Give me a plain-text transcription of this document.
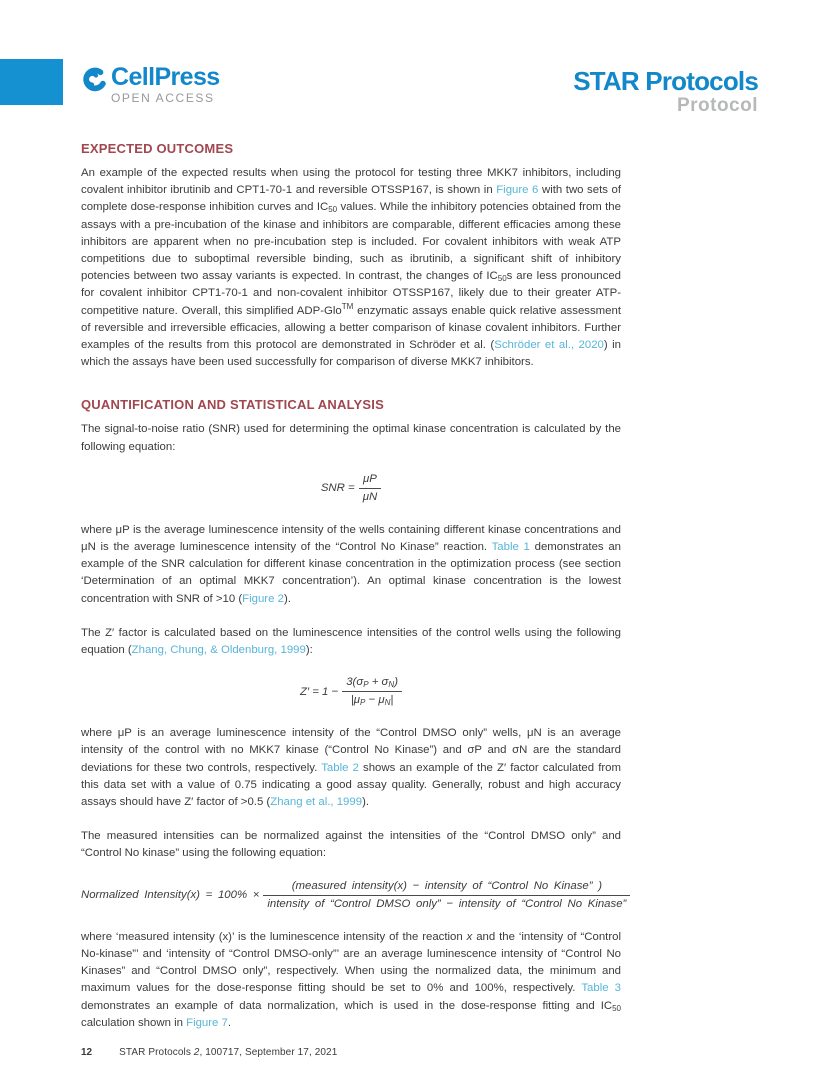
CellPress
OPEN ACCESS
STAR Protocols
Protocol
EXPECTED OUTCOMES

An example of the expected results when using the protocol for testing three MKK7 inhibitors, including covalent inhibitor ibrutinib and CPT1-70-1 and reversible OTSSP167, is shown in Figure 6 with two sets of complete dose-response inhibition curves and $IC_{50}$ values. While the inhibitory potencies obtained from the assays with a pre-incubation of the kinase and inhibitors are comparable, different efficacies among these inhibitors are apparent when no pre-incubation step is included. For covalent inhibitors with weak ATP competitions due to suboptimal reversible binding, such as ibrutinib, a significant shift of inhibitory potencies between two assay variants is expected. In contrast, the changes of $IC_{50}s$ are less pronounced for covalent inhibitor CPT1-70-1 and non-covalent inhibitor OTSSP167, likely due to their greater ATP-competitive nature. Overall, this simplified ADP-Glo™ enzymatic assays enable quick relative assessment of reversible and irreversible efficacies, allowing a better comparison of kinase covalent inhibitors. Further examples of the results from this protocol are demonstrated in Schröder et al. (Schröder et al., 2020) in which the assays have been used successfully for comparison of diverse MKK7 inhibitors.

QUANTIFICATION AND STATISTICAL ANALYSIS

The signal-to-noise ratio (SNR) used for determining the optimal kinase concentration is calculated by the following equation:

SNR = $\frac{\mu P}{\mu N}$

where μP is the average luminescence intensity of the wells containing different kinase concentrations and μN is the average luminescence intensity of the “Control No Kinase” reaction. Table 1 demonstrates an example of the SNR calculation for different kinase concentration in the optimization process (see section ‘Determination of an optimal MKK7 concentration’). An optimal kinase concentration is the lowest concentration with SNR of >10 (Figure 2).

The Z′ factor is calculated based on the luminescence intensities of the control wells using the following equation (Zhang, Chung, & Oldenburg, 1999):

$Z' = 1 - \frac{3(\sigma_P + \sigma_N)}{|\mu_P - \mu_N|}$

where μP is an average luminescence intensity of the “Control DMSO only” wells, μN is an average intensity of the control with no MKK7 kinase (“Control No Kinase”) and σP and σN are the standard deviations for these two controls, respectively. Table 2 shows an example of the Z′ factor calculated from this data set with a value of 0.75 indicating a good assay quality. Generally, robust and high accuracy assays should have Z′ factor of >0.5 (Zhang et al., 1999).

The measured intensities can be normalized against the intensities of the “Control DMSO only” and “Control No kinase” using the following equation:

Normalized Intensity(x) = 100% ×
(measured intensity(x) − intensity of “Control No Kinase” )
intensity of “Control DMSO only” − intensity of “Control No Kinase”

where ‘measured intensity (x)’ is the luminescence intensity of the reaction x and the ‘intensity of “Control No-kinase”’ and ‘intensity of “Control DMSO-only”’ are an average luminescence intensity of “Control No Kinases” and “Control DMSO only”, respectively. When using the normalized data, the minimum and maximum values for the dose-response fitting should be set to 0% and 100%, respectively. Table 3 demonstrates an example of data normalization, which is used in the dose-response fitting and $IC_{50}$ calculation shown in Figure 7.

12	STAR Protocols 2, 100717, September 17, 2021
